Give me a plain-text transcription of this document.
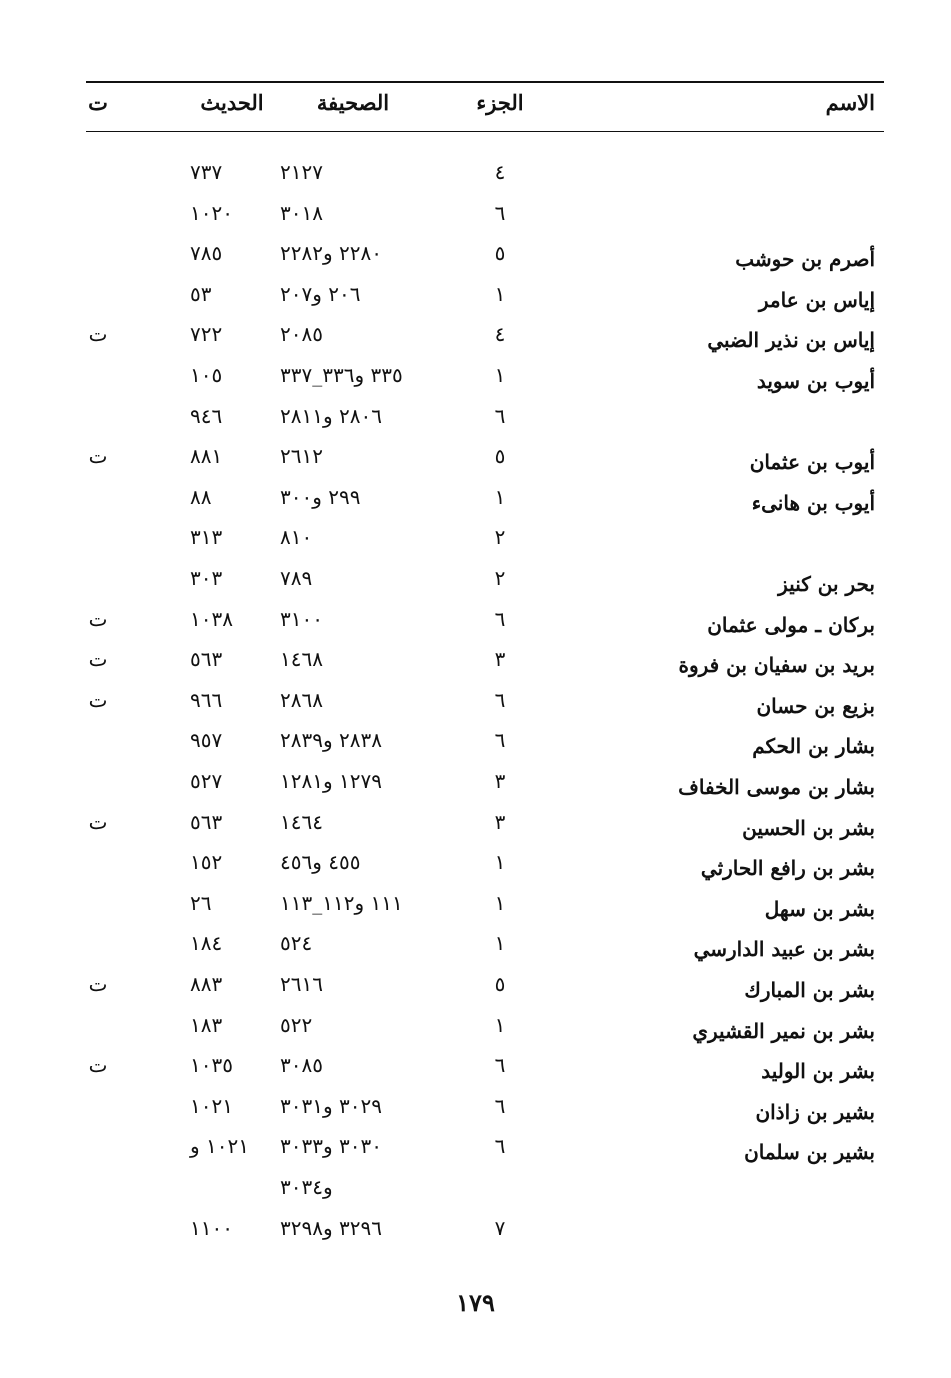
الاسم
الجزء
الصحيفة
الحديث
ت
٤
٢١٢٧
٧٣٧
٦
٣٠١٨
١٠٢٠
أصرم بن حوشب
٥
٢٢٨٠ و٢٢٨٢
٧٨٥
إياس بن عامر
١
٢٠٦ و٢٠٧
٥٣
إياس بن نذير الضبي
٤
٢٠٨٥
٧٢٢
ت
أيوب بن سويد
١
٣٣٥ و٣٣٦_٣٣٧
١٠٥
٦
٢٨٠٦ و٢٨١١
٩٤٦
أيوب بن عثمان
٥
٢٦١٢
٨٨١
ت
أيوب بن هانىء
١
٢٩٩ و٣٠٠
٨٨
٢
٨١٠
٣١٣
بحر بن كنيز
٢
٧٨٩
٣٠٣
بركان ـ مولى عثمان
٦
٣١٠٠
١٠٣٨
ت
بريد بن سفيان بن فروة
٣
١٤٦٨
٥٦٣
ت
بزيع بن حسان
٦
٢٨٦٨
٩٦٦
ت
بشار بن الحكم
٦
٢٨٣٨ و٢٨٣٩
٩٥٧
بشار بن موسى الخفاف
٣
١٢٧٩ و١٢٨١
٥٢٧
بشر بن الحسين
٣
١٤٦٤
٥٦٣
ت
بشر بن رافع الحارثي
١
٤٥٥ و٤٥٦
١٥٢
بشر بن سهل
١
١١١ و١١٢_١١٣
٢٦
بشر بن عبيد الدارسي
١
٥٢٤
١٨٤
بشر بن المبارك
٥
٢٦١٦
٨٨٣
ت
بشر بن نمير القشيري
١
٥٢٢
١٨٣
بشر بن الوليد
٦
٣٠٨٥
١٠٣٥
ت
بشير بن زاذان
٦
٣٠٢٩ و٣٠٣١
١٠٢١
بشير بن سلمان
٦
٣٠٣٠ و٣٠٣٣
١٠٢١ و
و٣٠٣٤
٧
٣٢٩٦ و٣٢٩٨
١١٠٠
١٧٩
